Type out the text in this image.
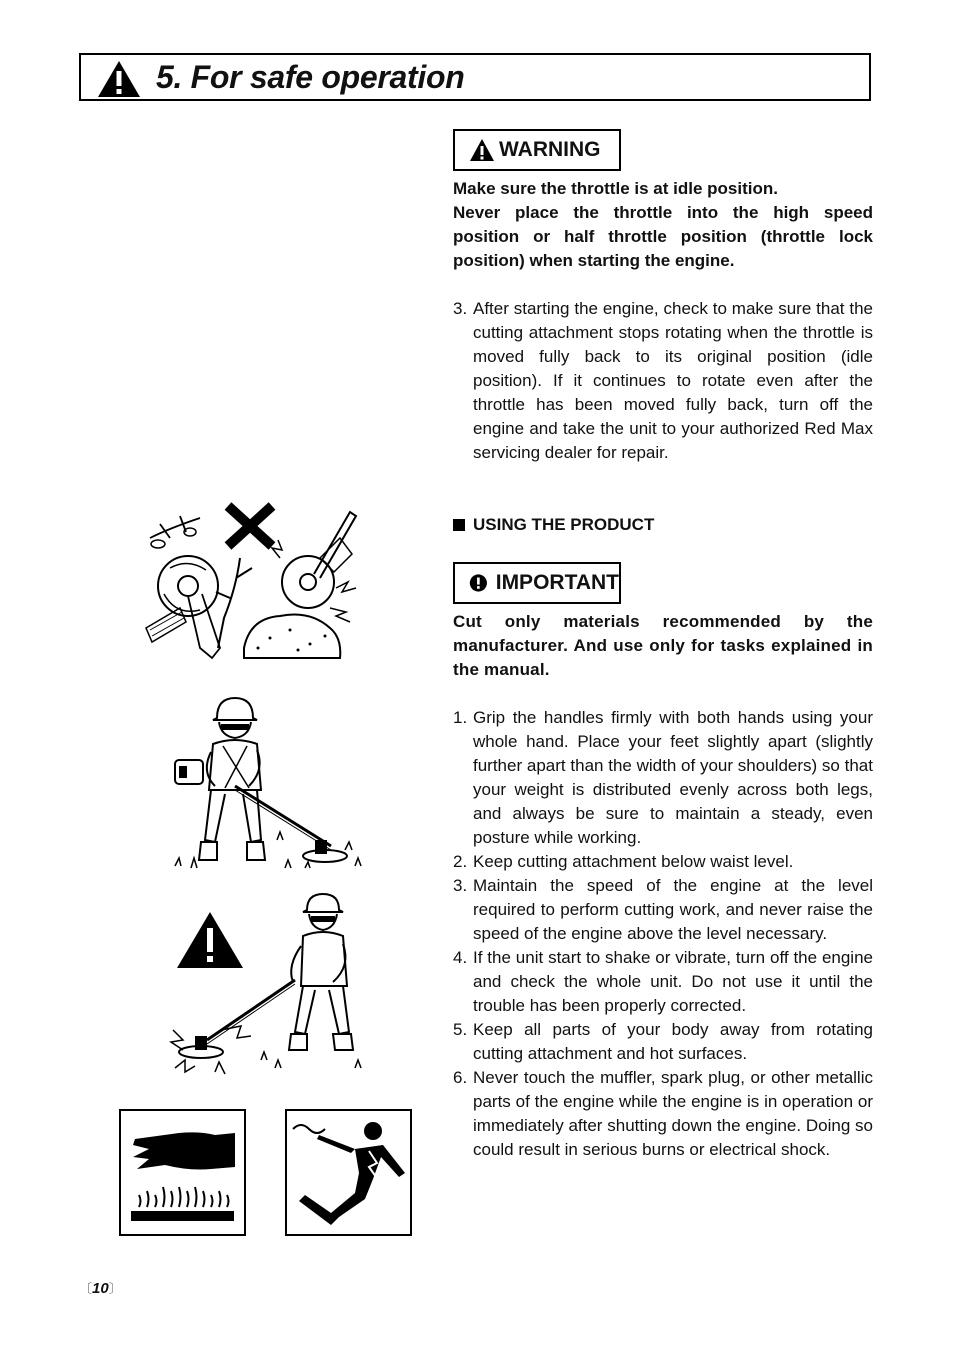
5. For safe operation
WARNING
Make sure the throttle is at idle position.
Never place the throttle into the high speed position or half throttle position (throttle lock position) when starting the engine.
3. After starting the engine, check to make sure that the cutting attachment stops rotating when the throttle is moved fully back to its original position (idle position). If it continues to rotate even after the throttle has been moved fully back, turn off the engine and take the unit to your authorized Red Max servicing dealer for repair.
USING THE PRODUCT
IMPORTANT
Cut only materials recommended by the manufacturer. And use only for tasks explained in the manual.
1. Grip the handles firmly with both hands using your whole hand. Place your feet slightly apart (slightly further apart than the width of your shoulders) so that your weight is distributed evenly across both legs, and always be sure to maintain a steady, even posture while working.
2. Keep cutting attachment below waist level.
3. Maintain the speed of the engine at the level required to perform cutting work, and never raise the speed of the engine above the level necessary.
4. If the unit start to shake or vibrate, turn off the engine and check the whole unit. Do not use it until the trouble has been properly corrected.
5. Keep all parts of your body away from rotating cutting attachment and hot surfaces.
6. Never touch the muffler, spark plug, or other metallic parts of the engine while the engine is in operation or immediately after shutting down the engine. Doing so could result in serious burns or electrical shock.
〔10〕
